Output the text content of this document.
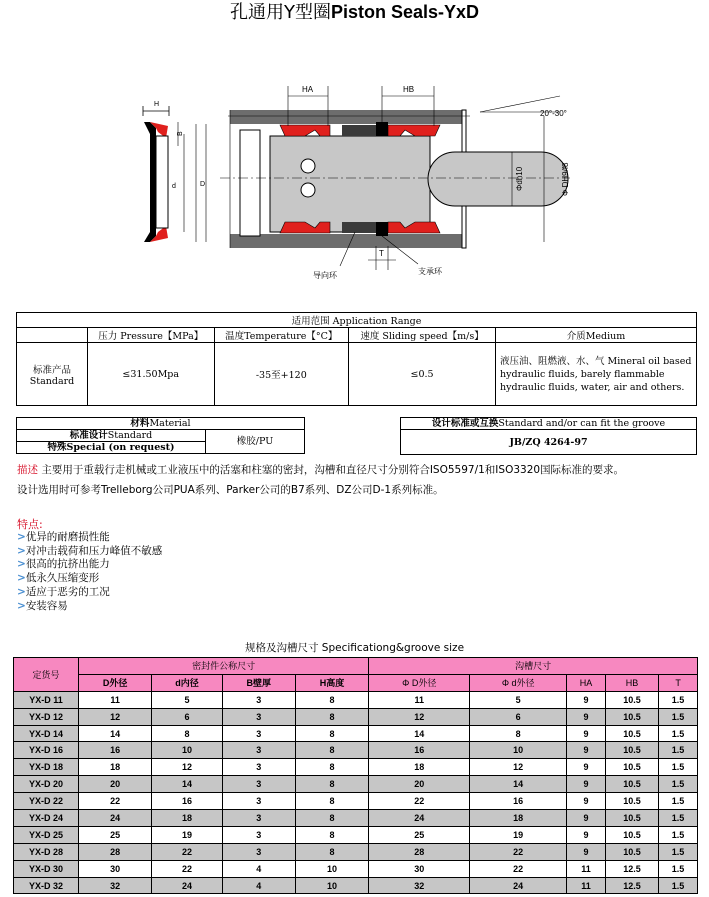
孔通用Y型圈Piston Seals-YxD
H
B
d	D
HA	HB
20°-30°
Φdh10	Φ DH9/f8
T
导向环	支承环
适用范围 Application Range				
	压力 Pressure【MPa】	温度Temperature【°C】	速度 Sliding speed【m/s】	介质Medium
标准产品
Standard	≤31.50Mpa	-35至+120	≤0.5	液压油、阻燃液、水、气 Mineral oil based hydraulic fluids, barely flammable hydraulic fluids, water, air and others.
材料Material
标准设计Standard	橡胶/PU
特殊Special (on request)
设计标准或互换Standard and/or can fit the groove
JB/ZQ 4264-97
描述 主要用于重载行走机械或工业液压中的活塞和柱塞的密封，沟槽和直径尺寸分别符合ISO5597/1和ISO3320国际标准的要求。
设计选用时可参考Trelleborg公司PUA系列、Parker公司的B7系列、DZ公司D-1系列标准。
特点:
>优异的耐磨损性能
>对冲击载荷和压力峰值不敏感
>很高的抗挤出能力
>低永久压缩变形
>适应于恶劣的工况
>安装容易
规格及沟槽尺寸 Specificationg&groove size
定货号	密封件公称尺寸				沟槽尺寸				
	D外径	d内径	B壁厚	H高度	Φ D外径	Φ d外径	HA	HB	T
YX-D 11	11	5	3	8	11	5	9	10.5	1.5
YX-D 12	12	6	3	8	12	6	9	10.5	1.5
YX-D 14	14	8	3	8	14	8	9	10.5	1.5
YX-D 16	16	10	3	8	16	10	9	10.5	1.5
YX-D 18	18	12	3	8	18	12	9	10.5	1.5
YX-D 20	20	14	3	8	20	14	9	10.5	1.5
YX-D 22	22	16	3	8	22	16	9	10.5	1.5
YX-D 24	24	18	3	8	24	18	9	10.5	1.5
YX-D 25	25	19	3	8	25	19	9	10.5	1.5
YX-D 28	28	22	3	8	28	22	9	10.5	1.5
YX-D 30	30	22	4	10	30	22	11	12.5	1.5
YX-D 32	32	24	4	10	32	24	11	12.5	1.5
